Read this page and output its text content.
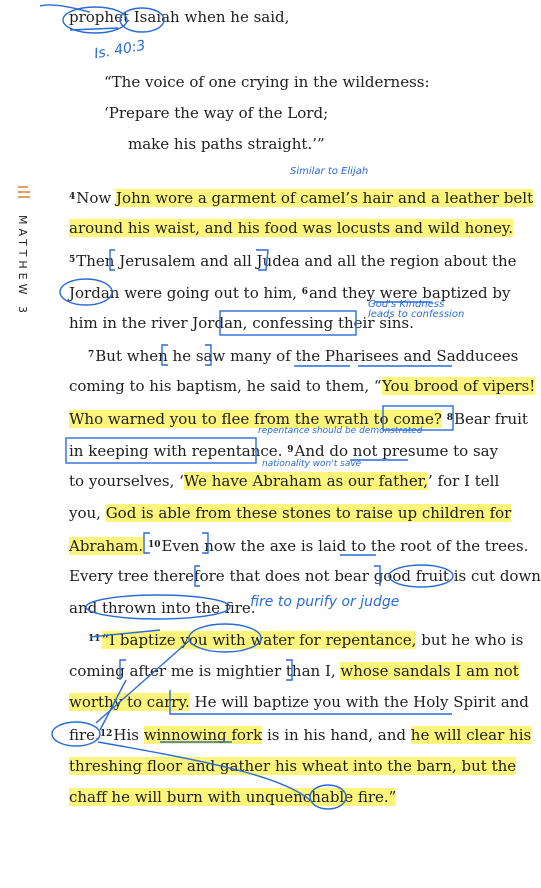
MATTHEW 3
prophet Isaiah when he said,
“The voice of one crying in the wilderness:
‘Prepare the way of the Lord;
make his paths straight.’”
$^4$Now John wore a garment of camel’s hair and a leather belt
around his waist, and his food was locusts and wild honey.
$^5$Then Jerusalem and all Judea and all the region about the
Jordan were going out to him, $^6$and they were baptized by
him in the river Jordan, confessing their sins.
$^7$But when he saw many of the Pharisees and Sadducees
coming to his baptism, he said to them, “You brood of vipers!
Who warned you to flee from the wrath to come? $^8$Bear fruit
in keeping with repentance. $^9$And do not presume to say
to yourselves, ‘We have Abraham as our father,’ for I tell
you, God is able from these stones to raise up children for
Abraham. $^{10}$Even now the axe is laid to the root of the trees.
Every tree therefore that does not bear good fruit is cut down
and thrown into the fire.
$^{11}$“I baptize you with water for repentance, but he who is
coming after me is mightier than I, whose sandals I am not
worthy to carry. He will baptize you with the Holy Spirit and
fire.$^{12}$His winnowing fork is in his hand, and he will clear his
threshing floor and gather his wheat into the barn, but the
chaff he will burn with unquenchable fire.”
Is. 40:3
Similar to Elijah
God's Kindness
leads to confession
repentance should be demonstrated
nationality won't save
fire to purify or judge
